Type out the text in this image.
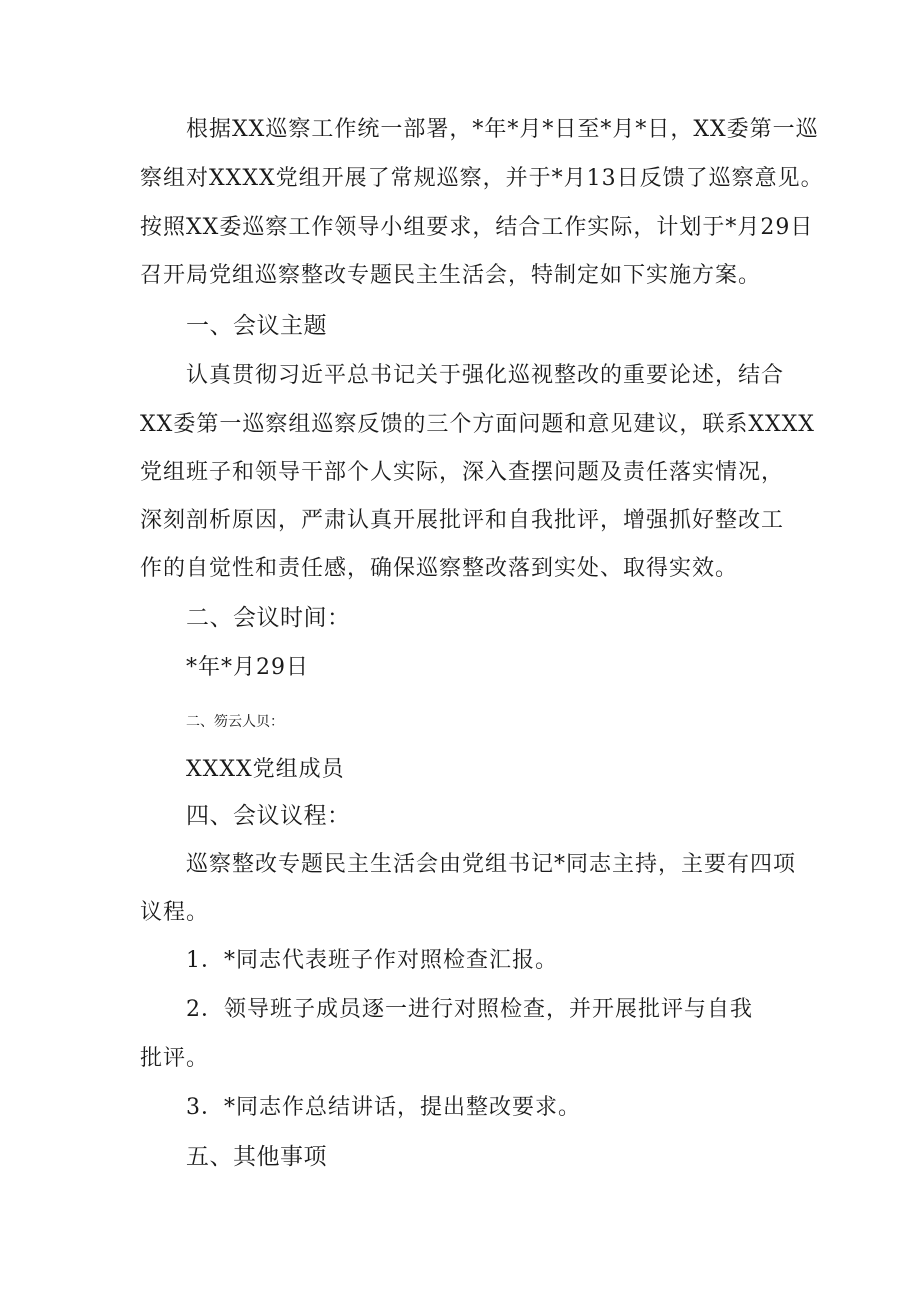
根据XX巡察工作统一部署，*年*月*日至*月*日，XX委第一巡
察组对XXXX党组开展了常规巡察，并于*月13日反馈了巡察意见。
按照XX委巡察工作领导小组要求，结合工作实际，计划于*月29日
召开局党组巡察整改专题民主生活会，特制定如下实施方案。
一、会议主题
认真贯彻习近平总书记关于强化巡视整改的重要论述，结合
XX委第一巡察组巡察反馈的三个方面问题和意见建议，联系XXXX
党组班子和领导干部个人实际，深入查摆问题及责任落实情况，
深刻剖析原因，严肃认真开展批评和自我批评，增强抓好整改工
作的自觉性和责任感，确保巡察整改落到实处、取得实效。
二、会议时间：
*年*月29日
二、笏云人贝：
XXXX党组成员
四、会议议程：
巡察整改专题民主生活会由党组书记*同志主持，主要有四项
议程。
1．*同志代表班子作对照检查汇报。
2．领导班子成员逐一进行对照检查，并开展批评与自我
批评。
3．*同志作总结讲话，提出整改要求。
五、其他事项
